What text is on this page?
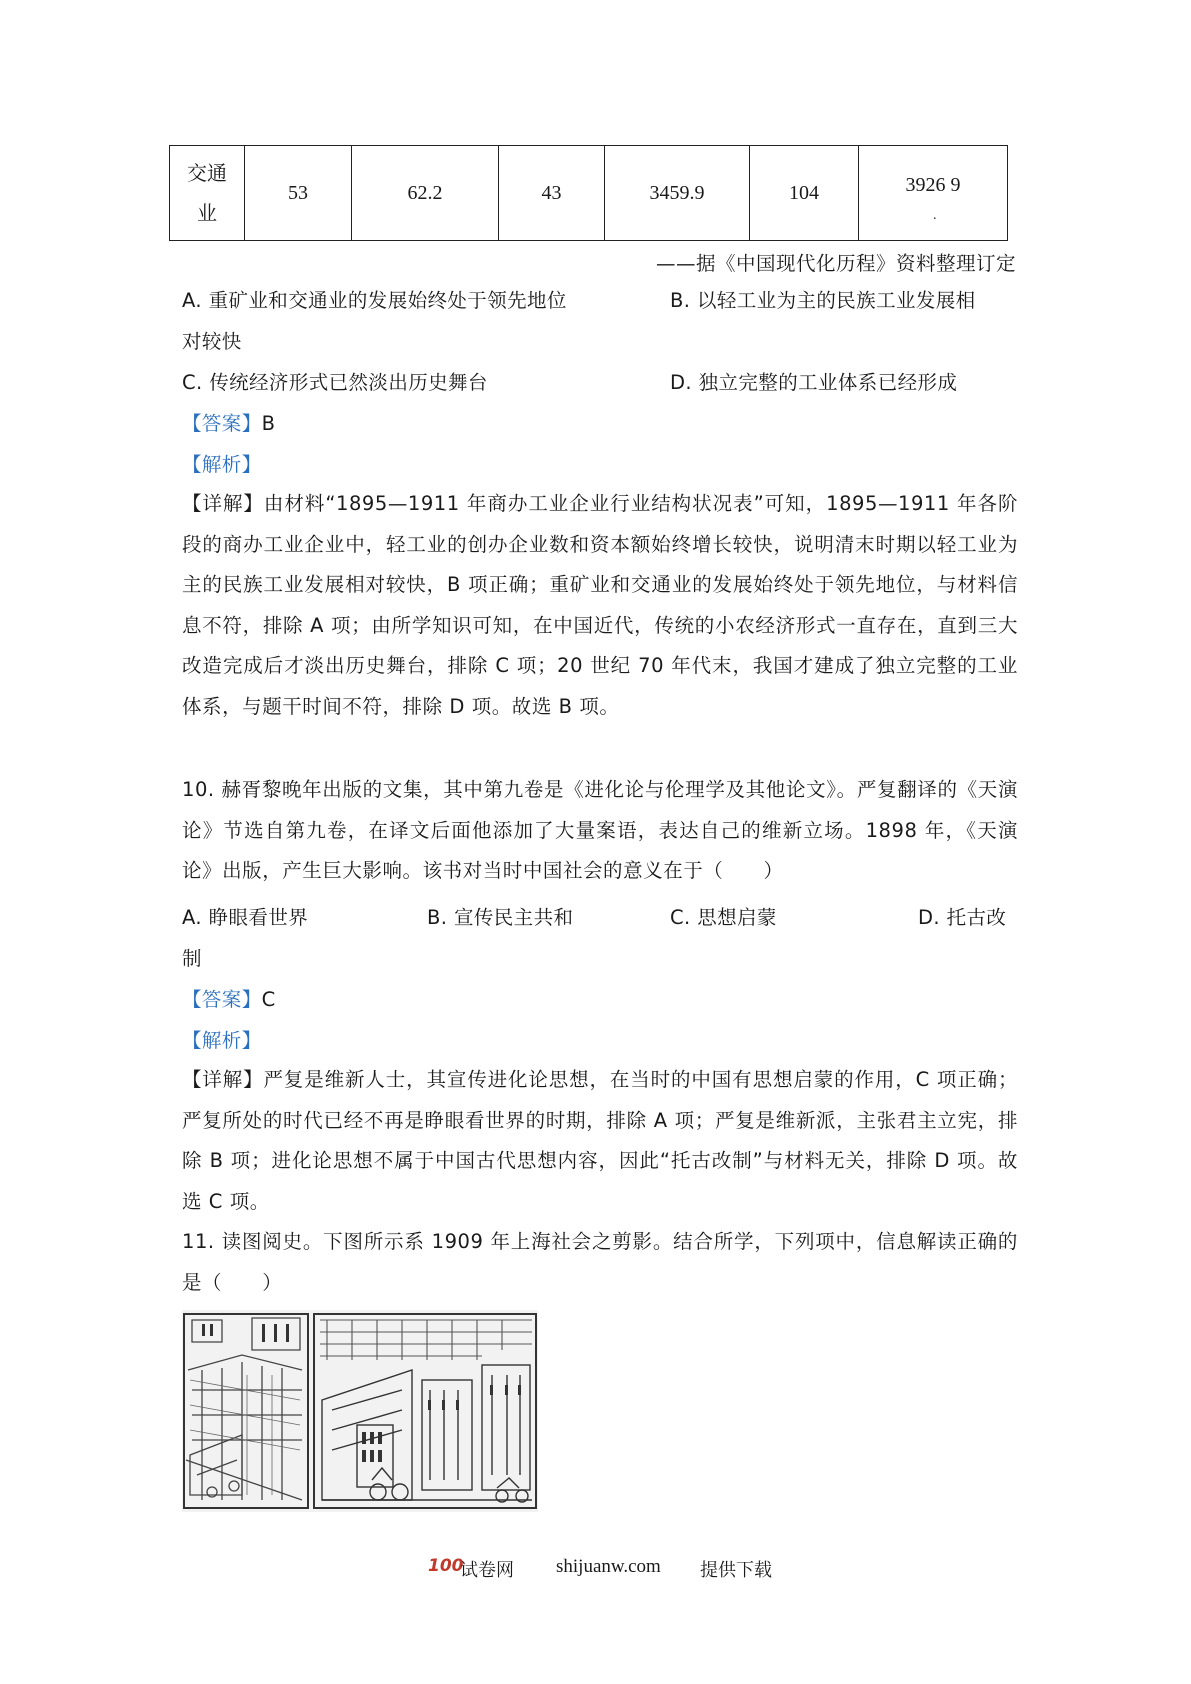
交通
业
	53	62.2	43	3459.9	104	3926 9
.
——据《中国现代化历程》资料整理订定
A. 重矿业和交通业的发展始终处于领先地位	B. 以轻工业为主的民族工业发展相
对较快
C. 传统经济形式已然淡出历史舞台	D. 独立完整的工业体系已经形成
【答案】B
【解析】
【详解】由材料“1895—1911 年商办工业企业行业结构状况表”可知，1895—1911 年各阶段的商办工业企业中，轻工业的创办企业数和资本额始终增长较快，说明清末时期以轻工业为主的民族工业发展相对较快，B 项正确；重矿业和交通业的发展始终处于领先地位，与材料信息不符，排除 A 项；由所学知识可知，在中国近代，传统的小农经济形式一直存在，直到三大改造完成后才淡出历史舞台，排除 C 项；20 世纪 70 年代末，我国才建成了独立完整的工业体系，与题干时间不符，排除 D 项。故选 B 项。
10. 赫胥黎晚年出版的文集，其中第九卷是《进化论与伦理学及其他论文》。严复翻译的《天演论》节选自第九卷，在译文后面他添加了大量案语，表达自己的维新立场。1898 年，《天演论》出版，产生巨大影响。该书对当时中国社会的意义在于（　　）
A. 睁眼看世界	B. 宣传民主共和	C. 思想启蒙	D. 托古改
制
【答案】C
【解析】
【详解】严复是维新人士，其宣传进化论思想，在当时的中国有思想启蒙的作用，C 项正确；严复所处的时代已经不再是睁眼看世界的时期，排除 A 项；严复是维新派，主张君主立宪，排除 B 项；进化论思想不属于中国古代思想内容，因此“托古改制”与材料无关，排除 D 项。故选 C 项。
11. 读图阅史。下图所示系 1909 年上海社会之剪影。结合所学，下列项中，信息解读正确的是（　　）
100
试卷网 shijuanw.com 提供下载
